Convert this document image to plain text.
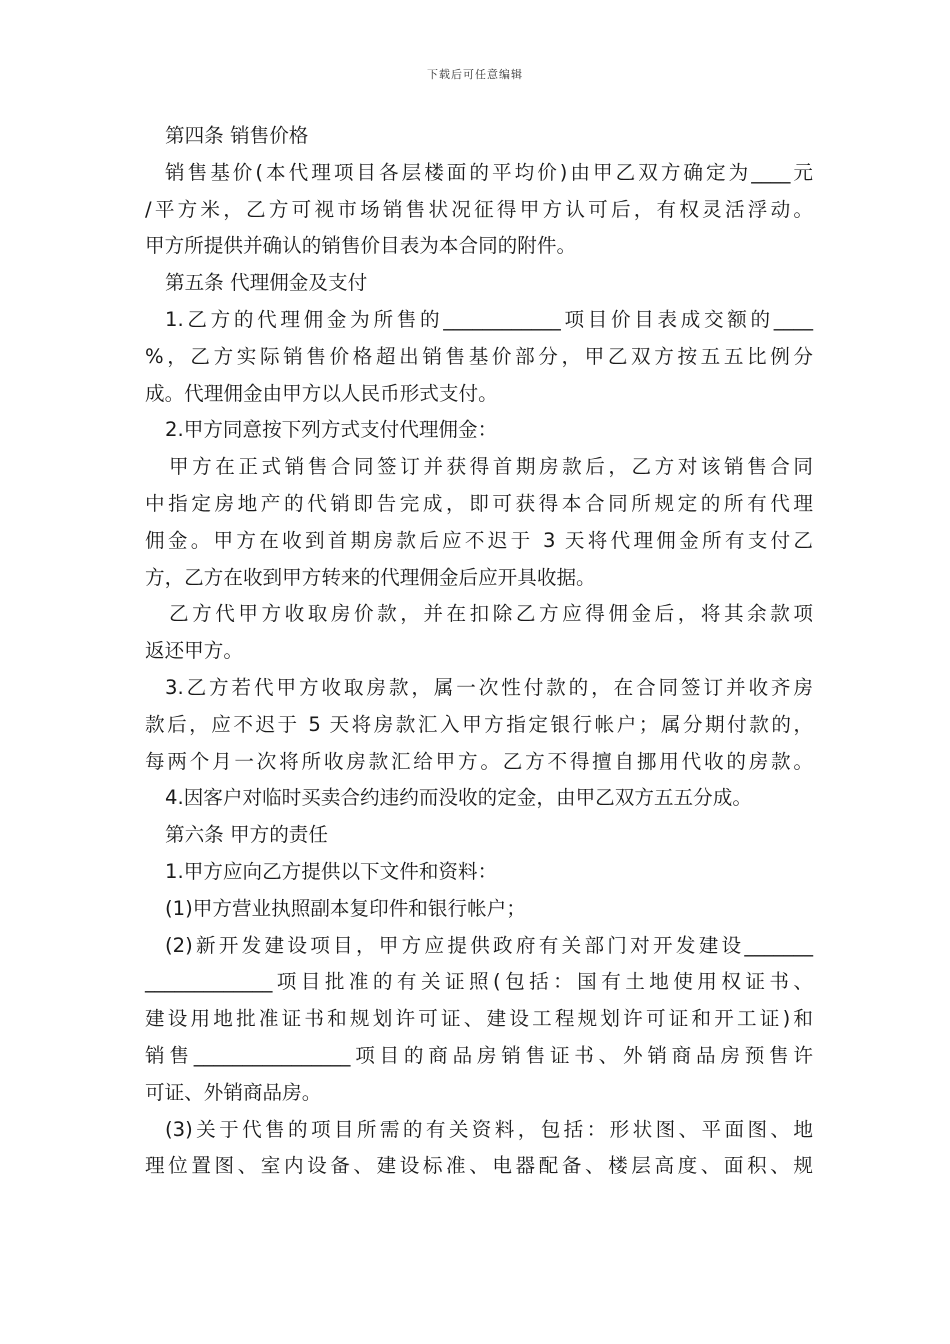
下载后可任意编辑
第四条 销售价格
销售基价(本代理项目各层楼面的平均价)由甲乙双方确定为____元
/平方米，乙方可视市场销售状况征得甲方认可后，有权灵活浮动。
甲方所提供并确认的销售价目表为本合同的附件。
第五条 代理佣金及支付
1.乙方的代理佣金为所售的____________项目价目表成交额的____
%，乙方实际销售价格超出销售基价部分，甲乙双方按五五比例分
成。代理佣金由甲方以人民币形式支付。
2.甲方同意按下列方式支付代理佣金：
甲方在正式销售合同签订并获得首期房款后，乙方对该销售合同
中指定房地产的代销即告完成，即可获得本合同所规定的所有代理
佣金。甲方在收到首期房款后应不迟于 3 天将代理佣金所有支付乙
方，乙方在收到甲方转来的代理佣金后应开具收据。
乙方代甲方收取房价款，并在扣除乙方应得佣金后，将其余款项
返还甲方。
3.乙方若代甲方收取房款，属一次性付款的，在合同签订并收齐房
款后，应不迟于 5 天将房款汇入甲方指定银行帐户；属分期付款的，
每两个月一次将所收房款汇给甲方。乙方不得擅自挪用代收的房款。
4.因客户对临时买卖合约违约而没收的定金，由甲乙双方五五分成。
第六条 甲方的责任
1.甲方应向乙方提供以下文件和资料：
(1)甲方营业执照副本复印件和银行帐户；
(2)新开发建设项目，甲方应提供政府有关部门对开发建设_______
_____________项目批准的有关证照(包括：国有土地使用权证书、
建设用地批准证书和规划许可证、建设工程规划许可证和开工证)和
销售________________项目的商品房销售证书、外销商品房预售许
可证、外销商品房。
(3)关于代售的项目所需的有关资料，包括：形状图、平面图、地
理位置图、室内设备、建设标准、电器配备、楼层高度、面积、规
